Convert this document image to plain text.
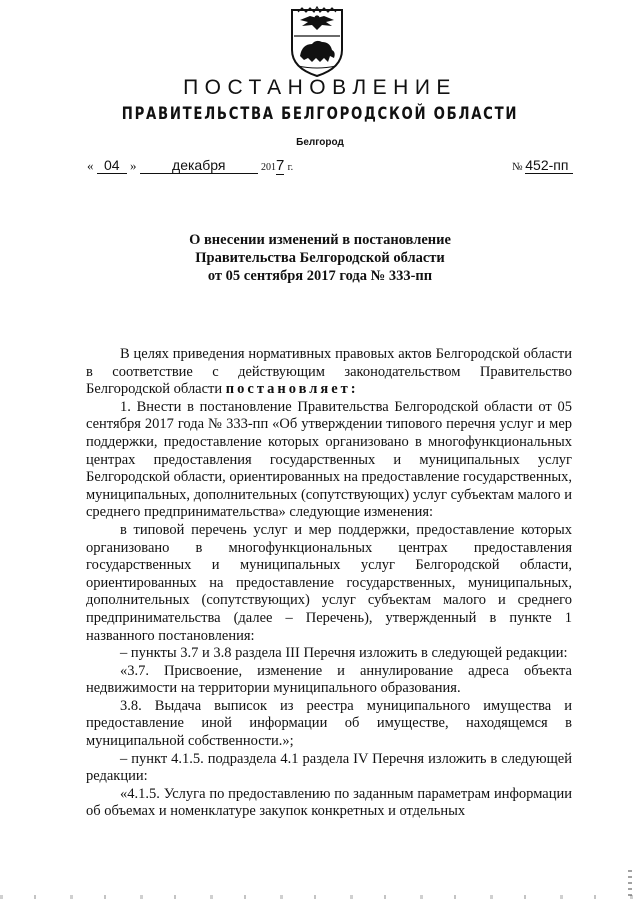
ПОСТАНОВЛЕНИЕ
ПРАВИТЕЛЬСТВА БЕЛГОРОДСКОЙ ОБЛАСТИ
Белгород
« 04 »	декабря	2017 г.	№ 452-пп
О внесении изменений в постановление
Правительства Белгородской области
от 05 сентября 2017 года № 333-пп

В целях приведения нормативных правовых актов Белгородской области в соответствие с действующим законодательством Правительство Белгородской области постановляет:

1. Внести в постановление Правительства Белгородской области от 05 сентября 2017 года № 333-пп «Об утверждении типового перечня услуг и мер поддержки, предоставление которых организовано в многофункциональных центрах предоставления государственных и муниципальных услуг Белгородской области, ориентированных на предоставление государственных, муниципальных, дополнительных (сопутствующих) услуг субъектам малого и среднего предпринимательства» следующие изменения:

в типовой перечень услуг и мер поддержки, предоставление которых организовано в многофункциональных центрах предоставления государственных и муниципальных услуг Белгородской области, ориентированных на предоставление государственных, муниципальных, дополнительных (сопутствующих) услуг субъектам малого и среднего предпринимательства (далее – Перечень), утвержденный в пункте 1 названного постановления:

– пункты 3.7 и 3.8 раздела III Перечня изложить в следующей редакции:

«3.7. Присвоение, изменение и аннулирование адреса объекта недвижимости на территории муниципального образования.

3.8. Выдача выписок из реестра муниципального имущества и предоставление иной информации об имуществе, находящемся в муниципальной собственности.»;

– пункт 4.1.5. подраздела 4.1 раздела IV Перечня изложить в следующей редакции:

«4.1.5. Услуга по предоставлению по заданным параметрам информации об объемах и номенклатуре закупок конкретных и отдельных
